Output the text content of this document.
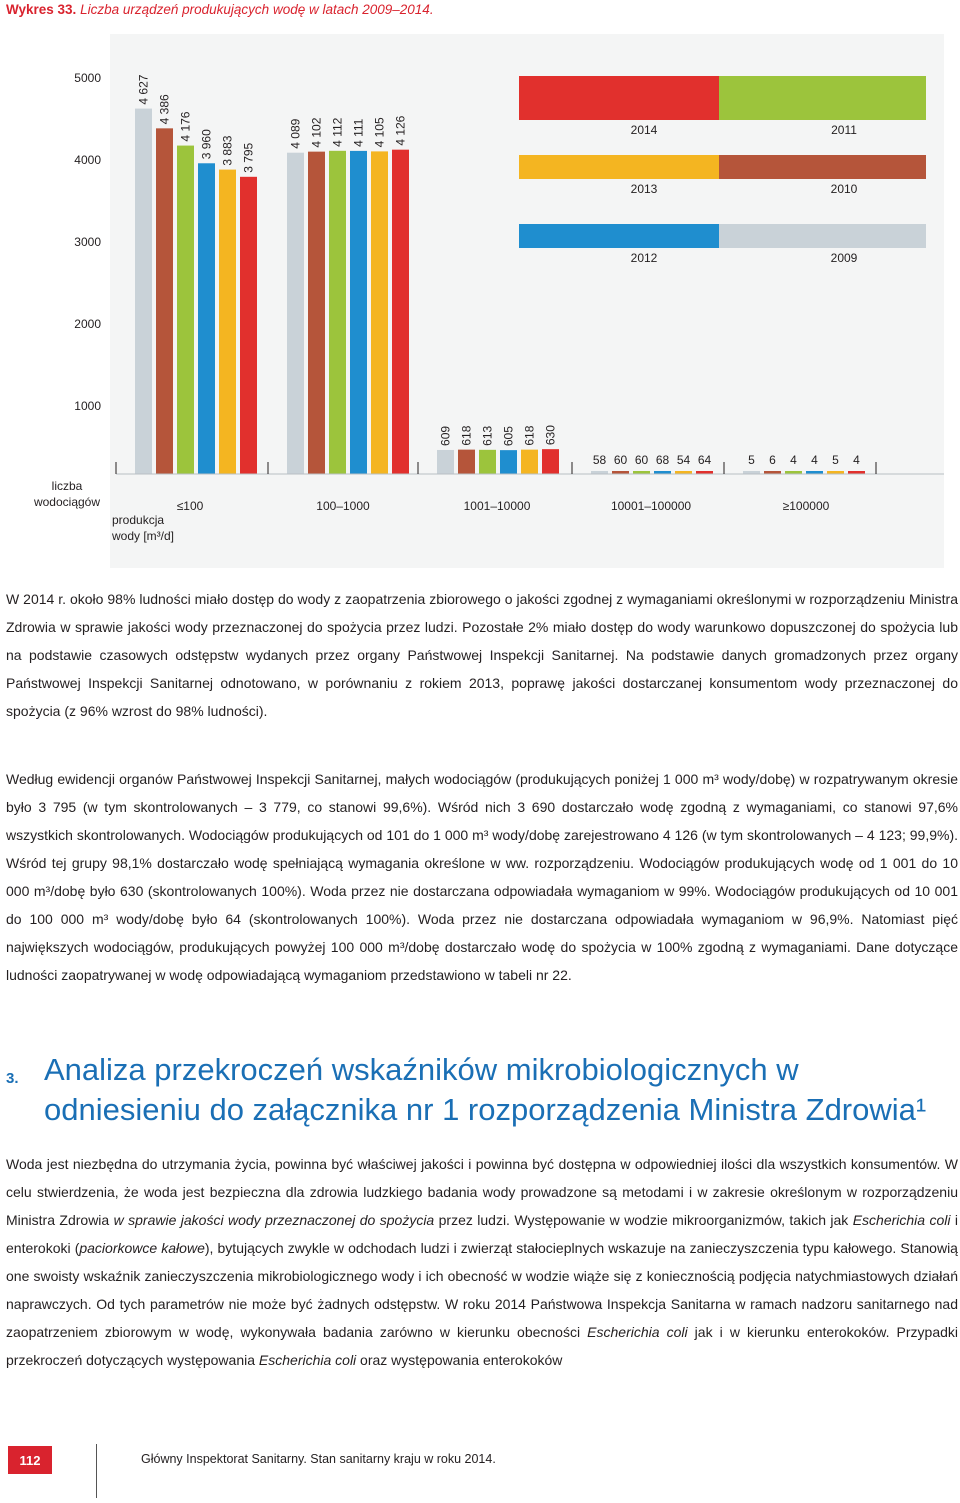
Wykres 33. Liczba urządzeń produkujących wodę w latach 2009–2014.

2014	2011
2013	2010
2012	2009
5000
4000
3000
2000
1000
4 627
4 386
4 176
3 960 3 883 3 795
4 089 4 102 4 112 4 111 4 105 4 126
609 618 613 605 618 630
58 60 60 68 54 64	5 6 4 4 5 4
≤100	100–1000	1001–10000	10001–100000	≥100000
liczba
wodociągów
produkcja
wody [m³/d]

W 2014 r. około 98% ludności miało dostęp do wody z zaopatrzenia zbiorowego o jakości zgodnej z wymaganiami określonymi w rozporządzeniu Ministra Zdrowia w sprawie jakości wody przeznaczonej do spożycia przez ludzi. Pozostałe 2% miało dostęp do wody warunkowo dopuszczonej do spożycia lub na podstawie czasowych odstępstw wydanych przez organy Państwowej Inspekcji Sanitarnej. Na podstawie danych gromadzonych przez organy Państwowej Inspekcji Sanitarnej odnotowano, w porównaniu z rokiem 2013, poprawę jakości dostarczanej konsumentom wody przeznaczonej do spożycia (z 96% wzrost do 98% ludności).

Według ewidencji organów Państwowej Inspekcji Sanitarnej, małych wodociągów (produkujących poniżej 1 000 m³ wody/dobę) w rozpatrywanym okresie było 3 795 (w tym skontrolowanych – 3 779, co stanowi 99,6%). Wśród nich 3 690 dostarczało wodę zgodną z wymaganiami, co stanowi 97,6% wszystkich skontrolowanych. Wodociągów produkujących od 101 do 1 000 m³ wody/dobę zarejestrowano 4 126 (w tym skontrolowanych – 4 123; 99,9%). Wśród tej grupy 98,1% dostarczało wodę spełniającą wymagania określone w ww. rozporządzeniu. Wodociągów produkujących wodę od 1 001 do 10 000 m³/dobę było 630 (skontrolowanych 100%). Woda przez nie dostarczana odpowiadała wymaganiom w 99%. Wodociągów produkujących od 10 001 do 100 000 m³ wody/dobę było 64 (skontrolowanych 100%). Woda przez nie dostarczana odpowiadała wymaganiom w 96,9%. Natomiast pięć największych wodociągów, produkujących powyżej 100 000 m³/dobę dostarczało wodę do spożycia w 100% zgodną z wymaganiami. Dane dotyczące ludności zaopatrywanej w wodę odpowiadającą wymaganiom przedstawiono w tabeli nr 22.

3. Analiza przekroczeń wskaźników mikrobiologicznych w odniesieniu do załącznika nr 1 rozporządzenia Ministra Zdrowia¹

Woda jest niezbędna do utrzymania życia, powinna być właściwej jakości i powinna być dostępna w odpowiedniej ilości dla wszystkich konsumentów. W celu stwierdzenia, że woda jest bezpieczna dla zdrowia ludzkiego badania wody prowadzone są metodami i w zakresie określonym w rozporządzeniu Ministra Zdrowia w sprawie jakości wody przeznaczonej do spożycia przez ludzi. Występowanie w wodzie mikroorganizmów, takich jak Escherichia coli i enterokoki (paciorkowce kałowe), bytujących zwykle w odchodach ludzi i zwierząt stałocieplnych wskazuje na zanieczyszczenia typu kałowego. Stanowią one swoisty wskaźnik zanieczyszczenia mikrobiologicznego wody i ich obecność w wodzie wiąże się z koniecznością podjęcia natychmiastowych działań naprawczych. Od tych parametrów nie może być żadnych odstępstw. W roku 2014 Państwowa Inspekcja Sanitarna w ramach nadzoru sanitarnego nad zaopatrzeniem zbiorowym w wodę, wykonywała badania zarówno w kierunku obecności Escherichia coli jak i w kierunku enterokoków. Przypadki przekroczeń dotyczących występowania Escherichia coli oraz występowania enterokoków

112	Główny Inspektorat Sanitarny. Stan sanitarny kraju w roku 2014.
